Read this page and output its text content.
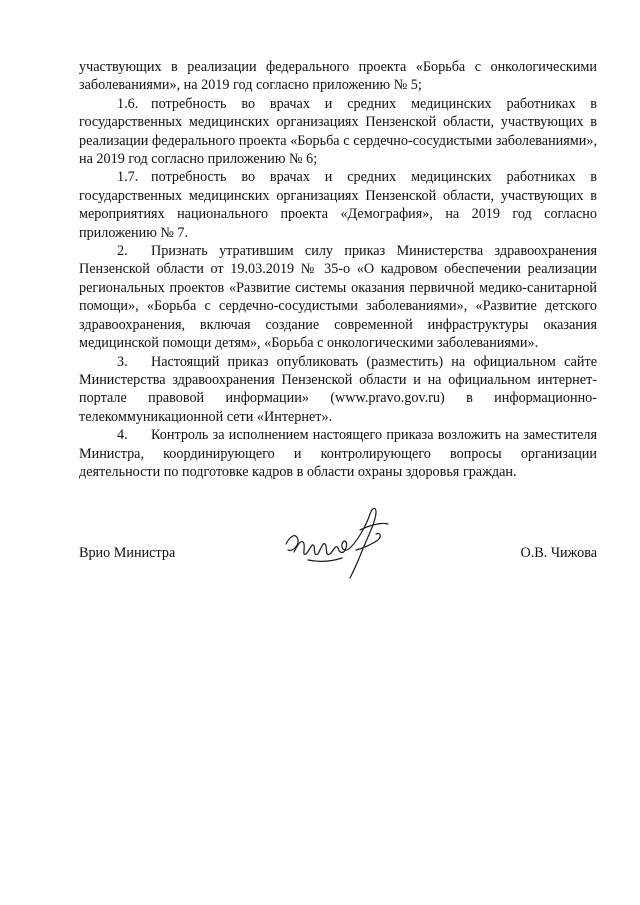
участвующих в реализации федерального проекта «Борьба с онкологическими заболеваниями», на 2019 год согласно приложению № 5;

1.6. потребность во врачах и средних медицинских работниках в государственных медицинских организациях Пензенской области, участвующих в реализации федерального проекта «Борьба с сердечно-сосудистыми заболеваниями», на 2019 год согласно приложению № 6;

1.7. потребность во врачах и средних медицинских работниках в государственных медицинских организациях Пензенской области, участвующих в мероприятиях национального проекта «Демография», на 2019 год согласно приложению № 7.

2. Признать утратившим силу приказ Министерства здравоохранения Пензенской области от 19.03.2019 № 35-о «О кадровом обеспечении реализации региональных проектов «Развитие системы оказания первичной медико-санитарной помощи», «Борьба с сердечно-сосудистыми заболеваниями», «Развитие детского здравоохранения, включая создание современной инфраструктуры оказания медицинской помощи детям», «Борьба с онкологическими заболеваниями».

3. Настоящий приказ опубликовать (разместить) на официальном сайте Министерства здравоохранения Пензенской области и на официальном интернет-портале правовой информации» (www.pravo.gov.ru) в информационно-телекоммуникационной сети «Интернет».

4. Контроль за исполнением настоящего приказа возложить на заместителя Министра, координирующего и контролирующего вопросы организации деятельности по подготовке кадров в области охраны здоровья граждан.

Врио Министра	О.В. Чижова
